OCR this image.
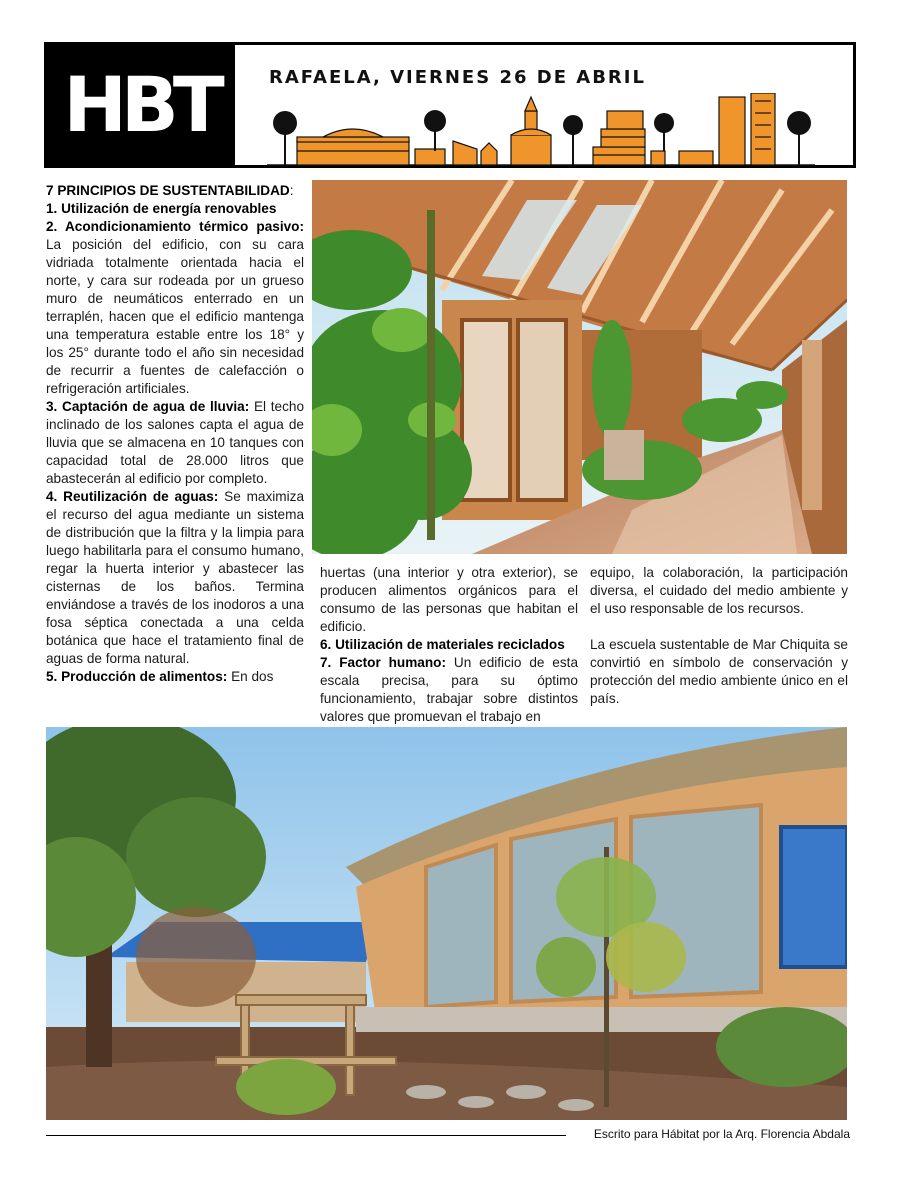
HBT	RAFAELA, VIERNES 26 DE ABRIL

7 PRINCIPIOS DE SUSTENTABILIDAD:

1. Utilización de energía renovables

2. Acondicionamiento térmico pasivo: La posición del edificio, con su cara vidriada totalmente orientada hacia el norte, y cara sur rodeada por un grueso muro de neumáticos enterrado en un terraplén, hacen que el edificio mantenga una temperatura estable entre los 18° y los 25° durante todo el año sin necesidad de recurrir a fuentes de calefacción o refrigeración artificiales.

3. Captación de agua de lluvia: El techo inclinado de los salones capta el agua de lluvia que se almacena en 10 tanques con capacidad total de 28.000 litros que abastecerán al edificio por completo.

4. Reutilización de aguas: Se maximiza el recurso del agua mediante un sistema de distribución que la filtra y la limpia para luego habilitarla para el consumo humano, regar la huerta interior y abastecer las cisternas de los baños. Termina enviándose a través de los inodoros a una fosa séptica conectada a una celda botánica que hace el tratamiento final de aguas de forma natural.

5. Producción de alimentos: En dos

huertas (una interior y otra exterior), se producen alimentos orgánicos para el consumo de las personas que habitan el edificio.

6. Utilización de materiales reciclados

7. Factor humano: Un edificio de esta escala precisa, para su óptimo funcionamiento, trabajar sobre distintos valores que promuevan el trabajo en

equipo, la colaboración, la participación diversa, el cuidado del medio ambiente y el uso responsable de los recursos.

La escuela sustentable de Mar Chiquita se convirtió en símbolo de conservación y protección del medio ambiente único en el país.

Escrito para Hábitat por la Arq. Florencia Abdala
